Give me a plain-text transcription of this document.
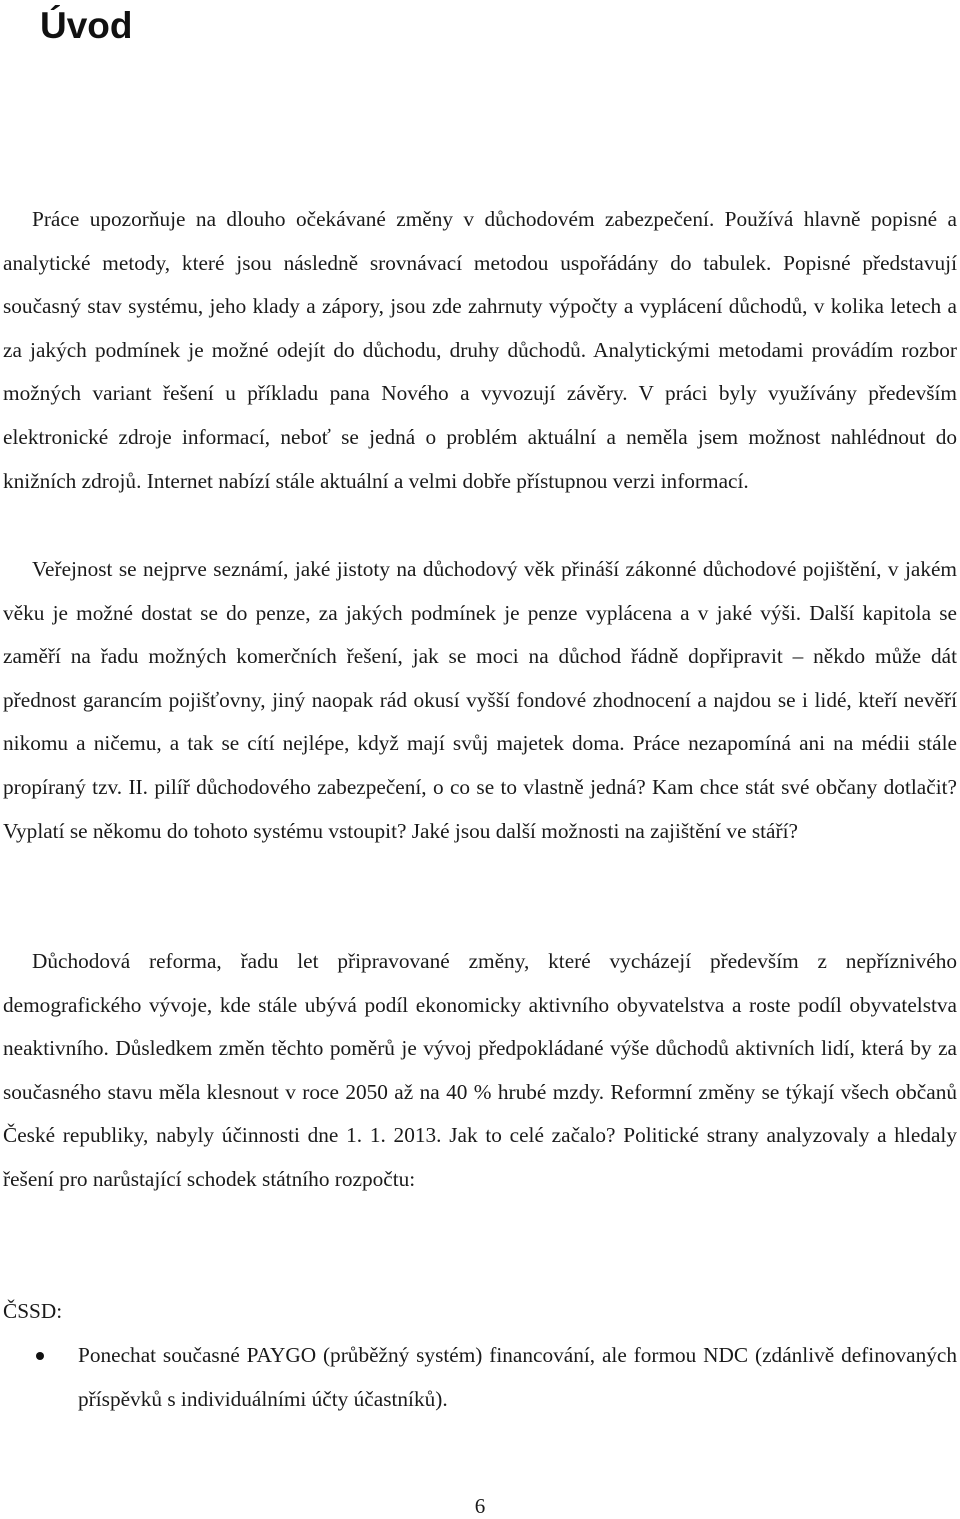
Úvod

Práce upozorňuje na dlouho očekávané změny v důchodovém zabezpečení. Používá hlavně popisné a analytické metody, které jsou následně srovnávací metodou uspořádány do tabulek. Popisné představují současný stav systému, jeho klady a zápory, jsou zde zahrnuty výpočty a vyplácení důchodů, v kolika letech a za jakých podmínek je možné odejít do důchodu, druhy důchodů. Analytickými metodami provádím rozbor možných variant řešení u příkladu pana Nového a vyvozují závěry. V práci byly využívány především elektronické zdroje informací, neboť se jedná o problém aktuální a neměla jsem možnost nahlédnout do knižních zdrojů. Internet nabízí stále aktuální a velmi dobře přístupnou verzi informací.

Veřejnost se nejprve seznámí, jaké jistoty na důchodový věk přináší zákonné důchodové pojištění, v jakém věku je možné dostat se do penze, za jakých podmínek je penze vyplácena a v jaké výši. Další kapitola se zaměří na řadu možných komerčních řešení, jak se moci na důchod řádně dopřipravit – někdo může dát přednost garancím pojišťovny, jiný naopak rád okusí vyšší fondové zhodnocení a najdou se i lidé, kteří nevěří nikomu a ničemu, a tak se cítí nejlépe, když mají svůj majetek doma. Práce nezapomíná ani na médii stále propíraný tzv. II. pilíř důchodového zabezpečení, o co se to vlastně jedná? Kam chce stát své občany dotlačit? Vyplatí se někomu do tohoto systému vstoupit? Jaké jsou další možnosti na zajištění ve stáří?

Důchodová reforma, řadu let připravované změny, které vycházejí především z nepříznivého demografického vývoje, kde stále ubývá podíl ekonomicky aktivního obyvatelstva a roste podíl obyvatelstva neaktivního. Důsledkem změn těchto poměrů je vývoj předpokládané výše důchodů aktivních lidí, která by za současného stavu měla klesnout v roce 2050 až na 40 % hrubé mzdy. Reformní změny se týkají všech občanů České republiky, nabyly účinnosti dne 1. 1. 2013. Jak to celé začalo? Politické strany analyzovaly a hledaly řešení pro narůstající schodek státního rozpočtu:

ČSSD:

Ponechat současné PAYGO (průběžný systém) financování, ale formou NDC (zdánlivě definovaných příspěvků s individuálními účty účastníků).

6
